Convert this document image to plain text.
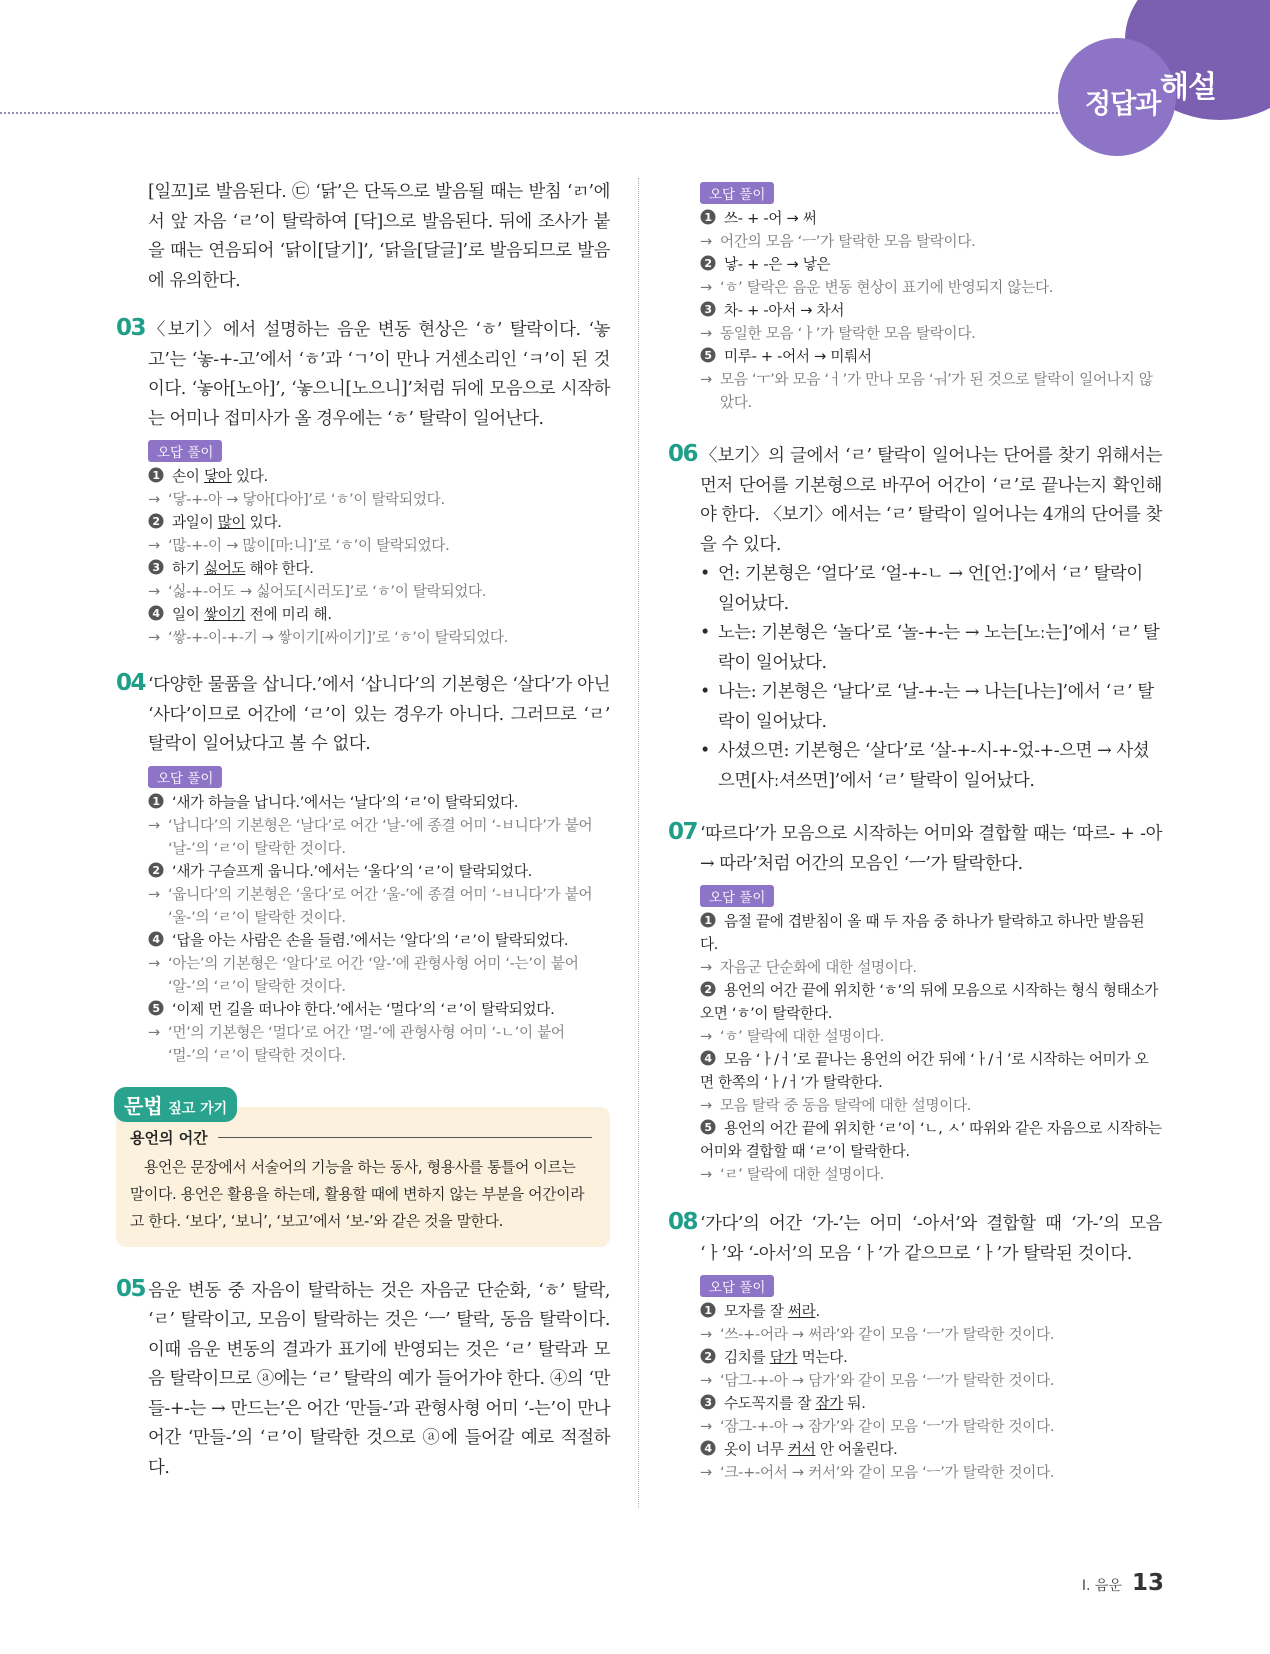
정답과 해설

[일꼬]로 발음된다. ㉢ ‘닭’은 단독으로 발음될 때는 받침 ‘ㄺ’에 서 앞 자음 ‘ㄹ’이 탈락하여 [닥]으로 발음된다. 뒤에 조사가 붙을 때는 연음되어 ‘닭이[달기]’, ‘닭을[달글]’로 발음되므로 발음에 유의한다.

03 〈보기〉에서 설명하는 음운 변동 현상은 ‘ㅎ’ 탈락이다. ‘놓고’는 ‘놓-+-고’에서 ‘ㅎ’과 ‘ㄱ’이 만나 거센소리인 ‘ㅋ’이 된 것이다. ‘놓아[노아]’, ‘놓으니[노으니]’처럼 뒤에 모음으로 시작하는 어미나 접미사가 올 경우에는 ‘ㅎ’ 탈락이 일어난다.

오답 풀이

1 손이 닿아 있다.

→ ‘닿-+-아 → 닿아[다아]’로 ‘ㅎ’이 탈락되었다.

2 과일이 많이 있다.

→ ‘많-+-이 → 많이[마ː니]’로 ‘ㅎ’이 탈락되었다.

3 하기 싫어도 해야 한다.

→ ‘싫-+-어도 → 싫어도[시러도]’로 ‘ㅎ’이 탈락되었다.

4 일이 쌓이기 전에 미리 해.

→ ‘쌓-+-이-+-기 → 쌓이기[싸이기]’로 ‘ㅎ’이 탈락되었다.

04 ‘다양한 물품을 삽니다.’에서 ‘삽니다’의 기본형은 ‘살다’가 아닌 ‘사다’이므로 어간에 ‘ㄹ’이 있는 경우가 아니다. 그러므로 ‘ㄹ’ 탈락이 일어났다고 볼 수 없다.

오답 풀이

1 ‘새가 하늘을 납니다.’에서는 ‘날다’의 ‘ㄹ’이 탈락되었다.

→ ‘납니다’의 기본형은 ‘날다’로 어간 ‘날-’에 종결 어미 ‘-ㅂ니다’가 붙어 ‘날-’의 ‘ㄹ’이 탈락한 것이다.

2 ‘새가 구슬프게 웁니다.’에서는 ‘울다’의 ‘ㄹ’이 탈락되었다.

→ ‘웁니다’의 기본형은 ‘울다’로 어간 ‘울-’에 종결 어미 ‘-ㅂ니다’가 붙어 ‘울-’의 ‘ㄹ’이 탈락한 것이다.

4 ‘답을 아는 사람은 손을 들렴.’에서는 ‘알다’의 ‘ㄹ’이 탈락되었다.

→ ‘아는’의 기본형은 ‘알다’로 어간 ‘알-’에 관형사형 어미 ‘-는’이 붙어 ‘알-’의 ‘ㄹ’이 탈락한 것이다.

5 ‘이제 먼 길을 떠나야 한다.’에서는 ‘멀다’의 ‘ㄹ’이 탈락되었다.

→ ‘먼’의 기본형은 ‘멀다’로 어간 ‘멀-’에 관형사형 어미 ‘-ㄴ’이 붙어 ‘멀-’의 ‘ㄹ’이 탈락한 것이다.

문법 짚고 가기
용언의 어간

용언은 문장에서 서술어의 기능을 하는 동사, 형용사를 통틀어 이르는 말이다. 용언은 활용을 하는데, 활용할 때에 변하지 않는 부분을 어간이라고 한다. ‘보다’, ‘보니’, ‘보고’에서 ‘보-’와 같은 것을 말한다.

05 음운 변동 중 자음이 탈락하는 것은 자음군 단순화, ‘ㅎ’ 탈락, ‘ㄹ’ 탈락이고, 모음이 탈락하는 것은 ‘ㅡ’ 탈락, 동음 탈락이다. 이때 음운 변동의 결과가 표기에 반영되는 것은 ‘ㄹ’ 탈락과 모음 탈락이므로 ⓐ에는 ‘ㄹ’ 탈락의 예가 들어가야 한다. ④의 ‘만들-+-는 → 만드는’은 어간 ‘만들-’과 관형사형 어미 ‘-는’이 만나 어간 ‘만들-’의 ‘ㄹ’이 탈락한 것으로 ⓐ에 들어갈 예로 적절하다.

오답 풀이

1 쓰- + -어 → 써

→ 어간의 모음 ‘ㅡ’가 탈락한 모음 탈락이다.

2 낳- + -은 → 낳은

→ ‘ㅎ’ 탈락은 음운 변동 현상이 표기에 반영되지 않는다.

3 차- + -아서 → 차서

→ 동일한 모음 ‘ㅏ’가 탈락한 모음 탈락이다.

5 미루- + -어서 → 미뤄서

→ 모음 ‘ㅜ’와 모음 ‘ㅓ’가 만나 모음 ‘ㅝ’가 된 것으로 탈락이 일어나지 않았다.

06 〈보기〉의 글에서 ‘ㄹ’ 탈락이 일어나는 단어를 찾기 위해서는 먼저 단어를 기본형으로 바꾸어 어간이 ‘ㄹ’로 끝나는지 확인해야 한다. 〈보기〉에서는 ‘ㄹ’ 탈락이 일어나는 4개의 단어를 찾을 수 있다.

• 언: 기본형은 ‘얼다’로 ‘얼-+-ㄴ → 언[언ː]’에서 ‘ㄹ’ 탈락이 일어났다.

• 노는: 기본형은 ‘놀다’로 ‘놀-+-는 → 노는[노ː는]’에서 ‘ㄹ’ 탈락이 일어났다.

• 나는: 기본형은 ‘날다’로 ‘날-+-는 → 나는[나는]’에서 ‘ㄹ’ 탈락이 일어났다.

• 사셨으면: 기본형은 ‘살다’로 ‘살-+-시-+-었-+-으면 → 사셨으면[사ː셔쓰면]’에서 ‘ㄹ’ 탈락이 일어났다.

07 ‘따르다’가 모음으로 시작하는 어미와 결합할 때는 ‘따르- + -아 → 따라’처럼 어간의 모음인 ‘ㅡ’가 탈락한다.

오답 풀이

1 음절 끝에 겹받침이 올 때 두 자음 중 하나가 탈락하고 하나만 발음된다.

→ 자음군 단순화에 대한 설명이다.

2 용언의 어간 끝에 위치한 ‘ㅎ’의 뒤에 모음으로 시작하는 형식 형태소가 오면 ‘ㅎ’이 탈락한다.

→ ‘ㅎ’ 탈락에 대한 설명이다.

4 모음 ‘ㅏ/ㅓ’로 끝나는 용언의 어간 뒤에 ‘ㅏ/ㅓ’로 시작하는 어미가 오면 한쪽의 ‘ㅏ/ㅓ’가 탈락한다.

→ 모음 탈락 중 동음 탈락에 대한 설명이다.

5 용언의 어간 끝에 위치한 ‘ㄹ’이 ‘ㄴ, ㅅ’ 따위와 같은 자음으로 시작하는 어미와 결합할 때 ‘ㄹ’이 탈락한다.

→ ‘ㄹ’ 탈락에 대한 설명이다.

08 ‘가다’의 어간 ‘가-’는 어미 ‘-아서’와 결합할 때 ‘가-’의 모음 ‘ㅏ’와 ‘-아서’의 모음 ‘ㅏ’가 같으므로 ‘ㅏ’가 탈락된 것이다.

오답 풀이

1 모자를 잘 써라.

→ ‘쓰-+-어라 → 써라’와 같이 모음 ‘ㅡ’가 탈락한 것이다.

2 김치를 담가 먹는다.

→ ‘담그-+-아 → 담가’와 같이 모음 ‘ㅡ’가 탈락한 것이다.

3 수도꼭지를 잘 잠가 둬.

→ ‘잠그-+-아 → 잠가’와 같이 모음 ‘ㅡ’가 탈락한 것이다.

4 옷이 너무 커서 안 어울린다.

→ ‘크-+-어서 → 커서’와 같이 모음 ‘ㅡ’가 탈락한 것이다.

Ⅰ. 음운 13
